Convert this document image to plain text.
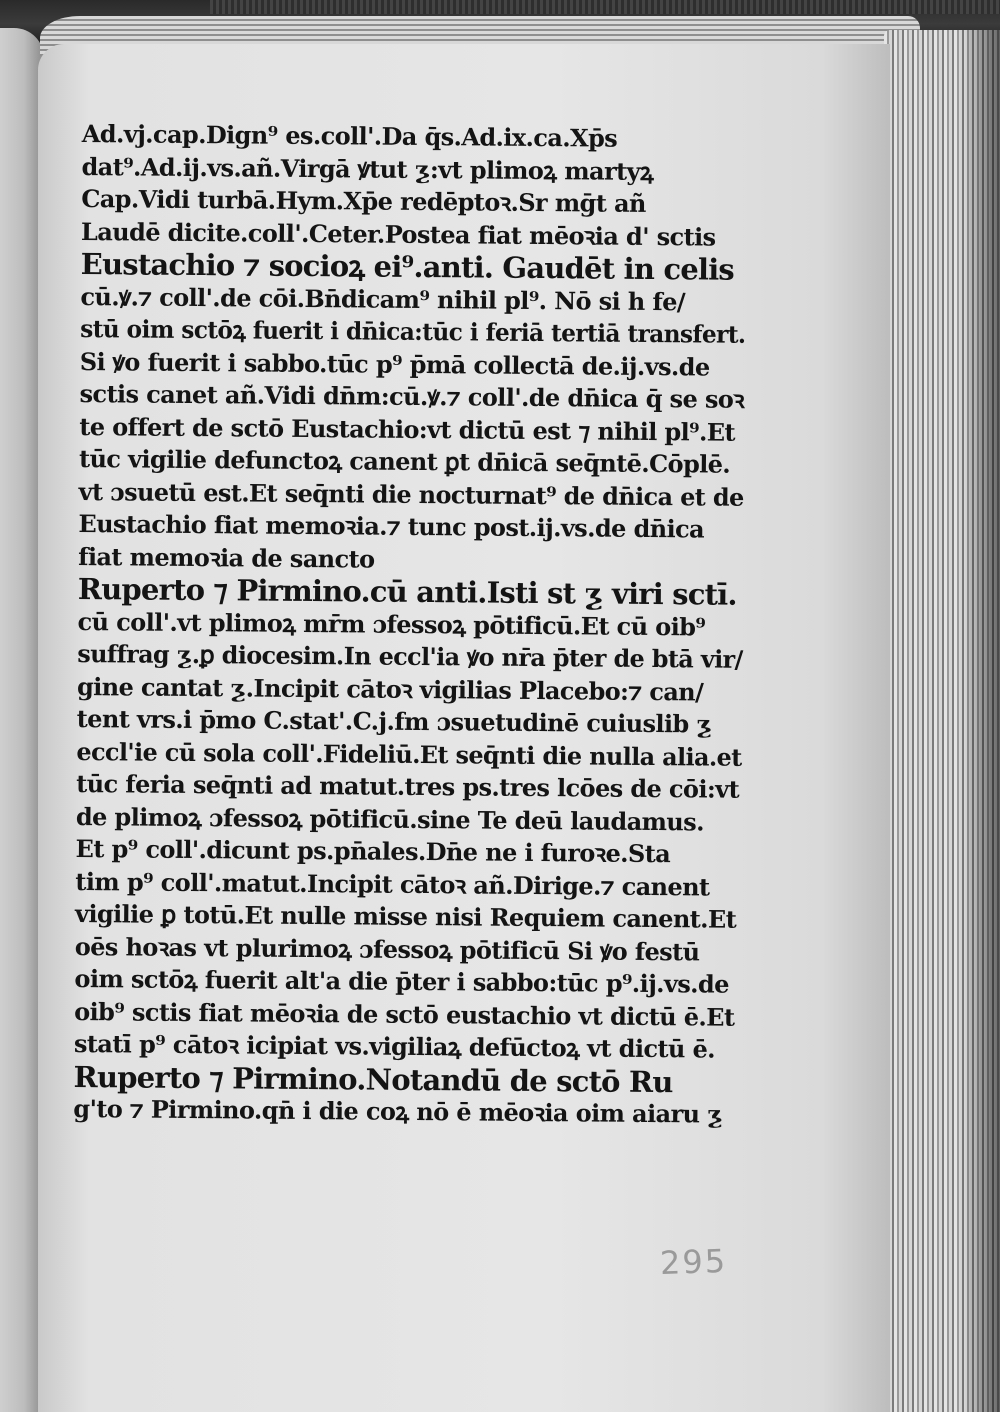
Ad.vj.cap.Dign⁹ es.coll'.Da q̄s.Ad.ix.ca.Xp̄s
dat⁹.Ad.ij.vs.añ.Virgā ꝟtut ƺ:vt plimoꝝ martyꝝ
Cap.Vidi turbā.Hym.Xp̄e redēptoꝛ.Sr mḡt añ
Laudē dicite.coll'.Ceter.Postea fiat mēoꝛia d' sctis
Eustachio ⁊ socioꝝ ei⁹.anti. Gaudēt in celis
cū.ꝟ.⁊ coll'.de cōi.Bn̄dicam⁹ nihil pl⁹. Nō si h fe/
stū oim sctōꝝ fuerit i dn̄ica:tūc i feriā tertiā transfert.
Si ꝟo fuerit i sabbo.tūc p⁹ p̄mā collectā de.ij.vs.de
sctis canet añ.Vidi dn̄m:cū.ꝟ.⁊ coll'.de dn̄ica q̄ se soꝛ
te offert de sctō Eustachio:vt dictū est ⁊ nihil pl⁹.Et
tūc vigilie defunctoꝝ canent ꝑt dn̄icā seq̄ntē.Cōplē.
vt ɔsuetū est.Et seq̄nti die nocturnat⁹ de dn̄ica et de
Eustachio fiat memoꝛia.⁊ tunc post.ij.vs.de dn̄ica
fiat memoꝛia de sancto
Ruperto ⁊ Pirmino.cū anti.Isti st ƺ viri sctī.
cū coll'.vt plimoꝝ mr̄m ɔfessoꝝ pōtificū.Et cū oib⁹
suffrag ƺ.ꝑ diocesim.In eccl'ia ꝟo nr̄a p̄ter de btā vir/
gine cantat ƺ.Incipit cātoꝛ vigilias Placebo:⁊ can/
tent vrs.i p̄mo C.stat'.C.j.fm ɔsuetudinē cuiuslib ƺ
eccl'ie cū sola coll'.Fideliū.Et seq̄nti die nulla alia.et
tūc feria seq̄nti ad matut.tres ps.tres lcōes de cōi:vt
de plimoꝝ ɔfessoꝝ pōtificū.sine Te deū laudamus.
Et p⁹ coll'.dicunt ps.pn̄ales.Dn̄e ne i furoꝛe.Sta
tim p⁹ coll'.matut.Incipit cātoꝛ añ.Dirige.⁊ canent
vigilie ꝑ totū.Et nulle misse nisi Requiem canent.Et
oēs hoꝛas vt plurimoꝝ ɔfessoꝝ pōtificū Si ꝟo festū
oim sctōꝝ fuerit alt'a die p̄ter i sabbo:tūc p⁹.ij.vs.de
oib⁹ sctis fiat mēoꝛia de sctō eustachio vt dictū ē.Et
statī p⁹ cātoꝛ icipiat vs.vigiliaꝝ defūctoꝝ vt dictū ē.
Ruperto ⁊ Pirmino.Notandū de sctō Ru
g'to ⁊ Pirmino.qn̄ i die coꝝ nō ē mēoꝛia oim aiaru ƺ
295
